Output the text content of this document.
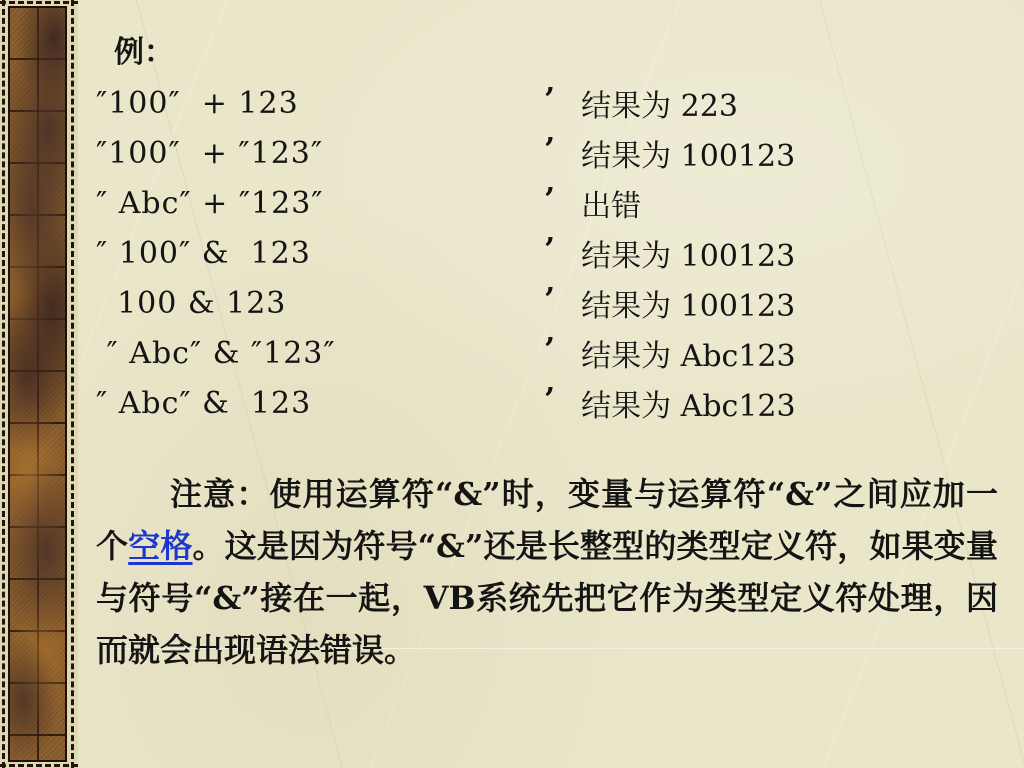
例：
″100″  + 123	’ 结果为 223
″100″  + ″123″	’ 结果为 100123
″ Abc″ + ″123″	’ 出错
″ 100″ &  123	’ 结果为 100123
100 & 123	’ 结果为 100123
″ Abc″ & ″123″	’ 结果为 Abc123
″ Abc″ &  123	’ 结果为 Abc123
注意：使用运算符“&”时，变量与运算符“&”之间应加一个空格。这是因为符号“&”还是长整型的类型定义符，如果变量与符号“&”接在一起，VB系统先把它作为类型定义符处理，因而就会出现语法错误。
